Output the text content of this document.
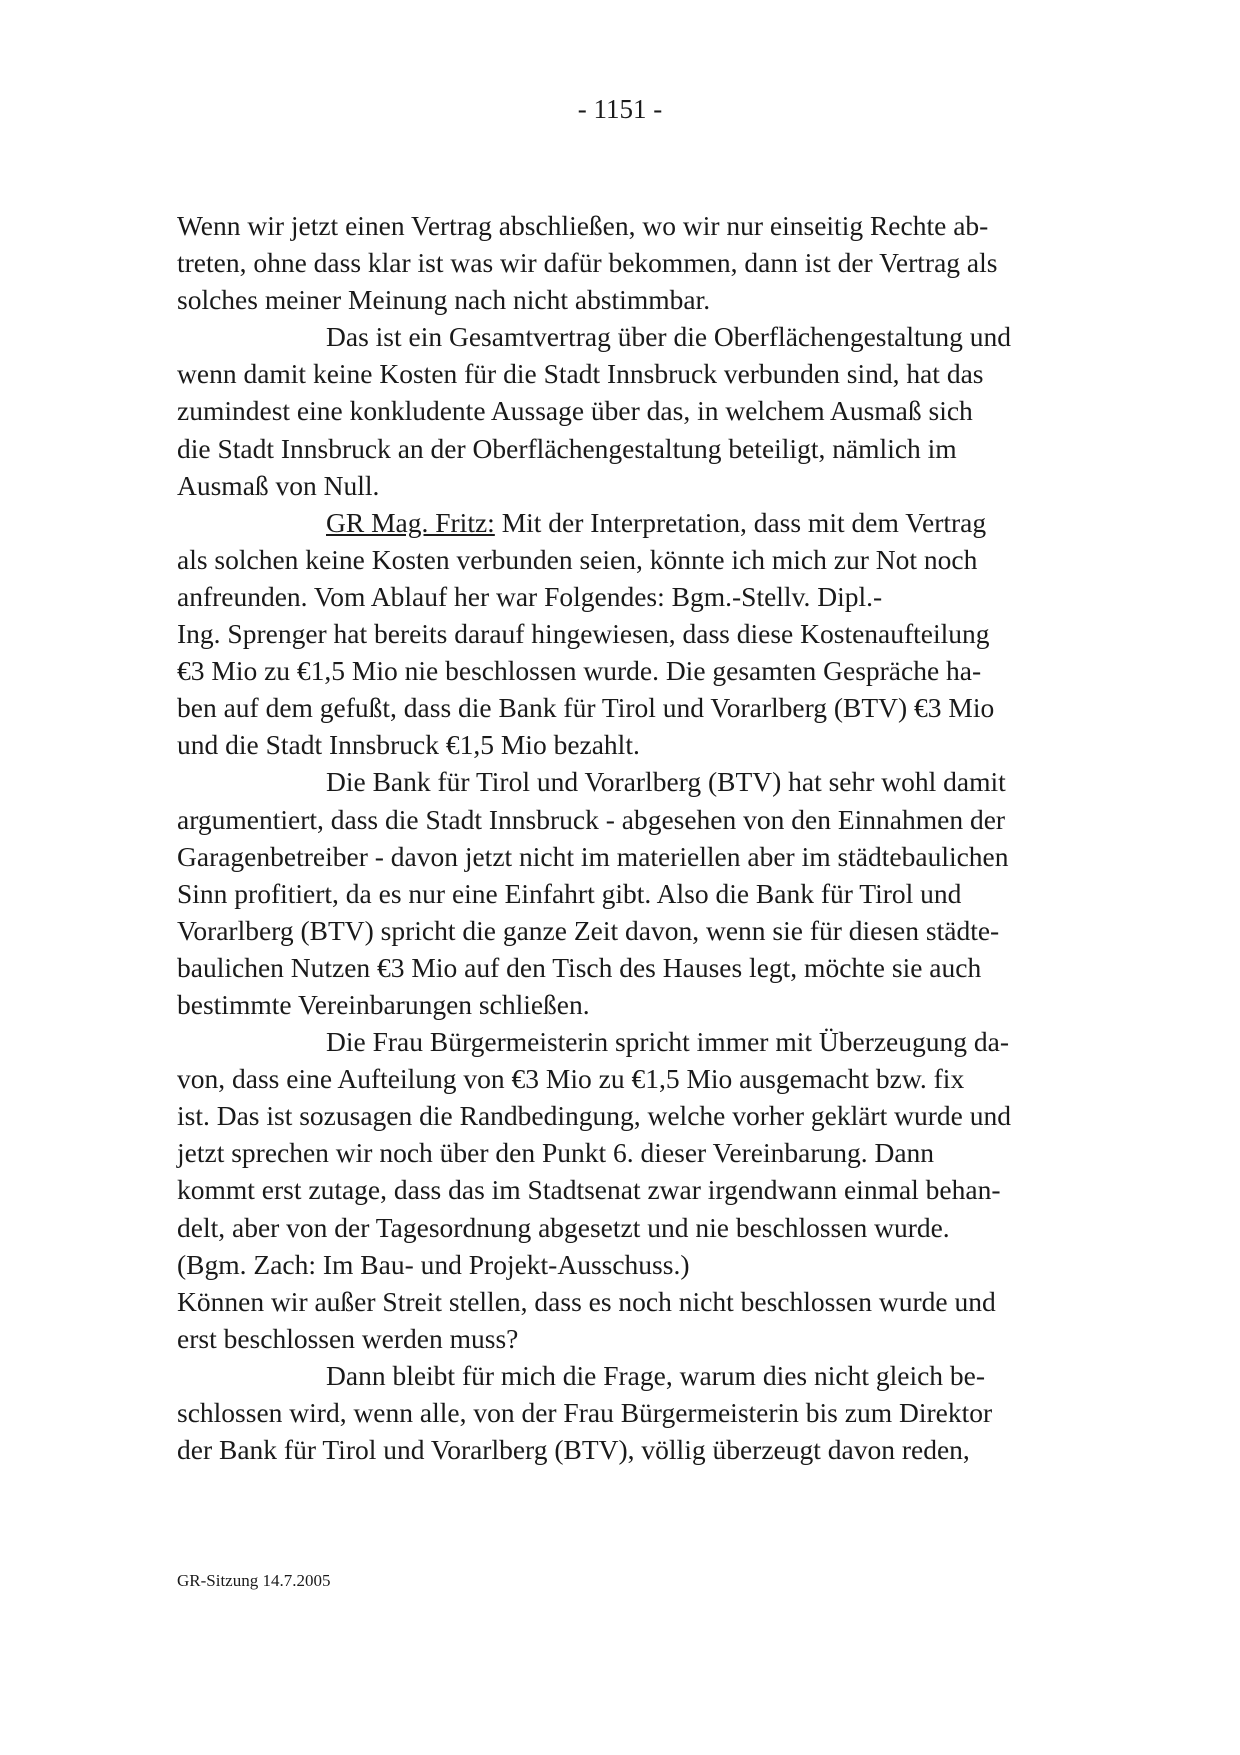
- 1151 -
Wenn wir jetzt einen Vertrag abschließen, wo wir nur einseitig Rechte ab-
treten, ohne dass klar ist was wir dafür bekommen, dann ist der Vertrag als
solches meiner Meinung nach nicht abstimmbar.
Das ist ein Gesamtvertrag über die Oberflächengestaltung und
wenn damit keine Kosten für die Stadt Innsbruck verbunden sind, hat das
zumindest eine konkludente Aussage über das, in welchem Ausmaß sich
die Stadt Innsbruck an der Oberflächengestaltung beteiligt, nämlich im
Ausmaß von Null.
GR Mag. Fritz: Mit der Interpretation, dass mit dem Vertrag
als solchen keine Kosten verbunden seien, könnte ich mich zur Not noch
anfreunden. Vom Ablauf her war Folgendes: Bgm.-Stellv. Dipl.-
Ing. Sprenger hat bereits darauf hingewiesen, dass diese Kostenaufteilung
€3 Mio zu €1,5 Mio nie beschlossen wurde. Die gesamten Gespräche ha-
ben auf dem gefußt, dass die Bank für Tirol und Vorarlberg (BTV) €3 Mio
und die Stadt Innsbruck €1,5 Mio bezahlt.
Die Bank für Tirol und Vorarlberg (BTV) hat sehr wohl damit
argumentiert, dass die Stadt Innsbruck - abgesehen von den Einnahmen der
Garagenbetreiber - davon jetzt nicht im materiellen aber im städtebaulichen
Sinn profitiert, da es nur eine Einfahrt gibt. Also die Bank für Tirol und
Vorarlberg (BTV) spricht die ganze Zeit davon, wenn sie für diesen städte-
baulichen Nutzen €3 Mio auf den Tisch des Hauses legt, möchte sie auch
bestimmte Vereinbarungen schließen.
Die Frau Bürgermeisterin spricht immer mit Überzeugung da-
von, dass eine Aufteilung von €3 Mio zu €1,5 Mio ausgemacht bzw. fix
ist. Das ist sozusagen die Randbedingung, welche vorher geklärt wurde und
jetzt sprechen wir noch über den Punkt 6. dieser Vereinbarung. Dann
kommt erst zutage, dass das im Stadtsenat zwar irgendwann einmal behan-
delt, aber von der Tagesordnung abgesetzt und nie beschlossen wurde.
(Bgm. Zach: Im Bau- und Projekt-Ausschuss.)
Können wir außer Streit stellen, dass es noch nicht beschlossen wurde und
erst beschlossen werden muss?
Dann bleibt für mich die Frage, warum dies nicht gleich be-
schlossen wird, wenn alle, von der Frau Bürgermeisterin bis zum Direktor
der Bank für Tirol und Vorarlberg (BTV), völlig überzeugt davon reden,
GR-Sitzung 14.7.2005
